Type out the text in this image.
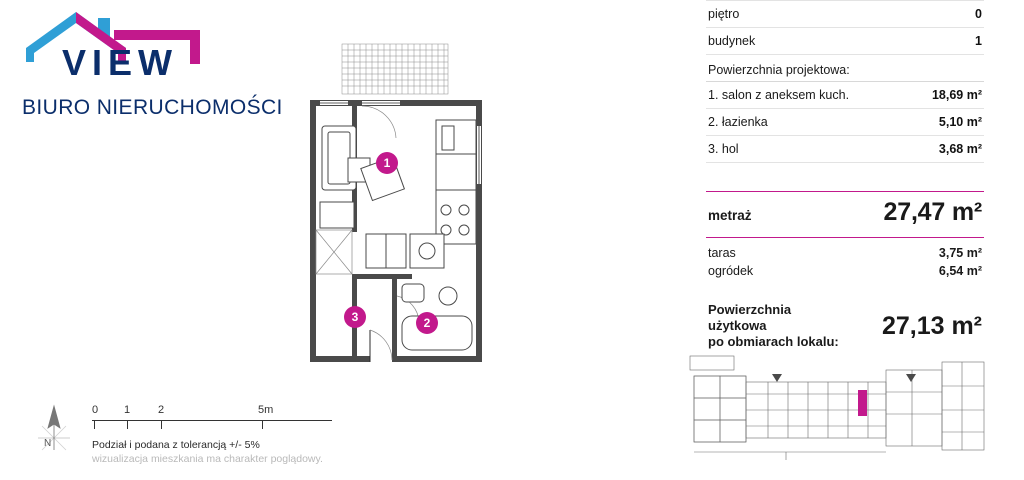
VIEW
BIURO NIERUCHOMOŚCI
1
2
3
N
0 1	2	5m
Podział i podana z tolerancją +/- 5%
wizualizacja mieszkania ma charakter poglądowy.
piętro	0
budynek	1
Powierzchnia projektowa:
1. salon z aneksem kuch.	18,69 m²
2. łazienka	5,10 m²
3. hol	3,68 m²
metraż	27,47 m²
taras	3,75 m²
ogródek	6,54 m²
Powierzchnia
użytkowa
po obmiarach lokalu:
27,13 m²
